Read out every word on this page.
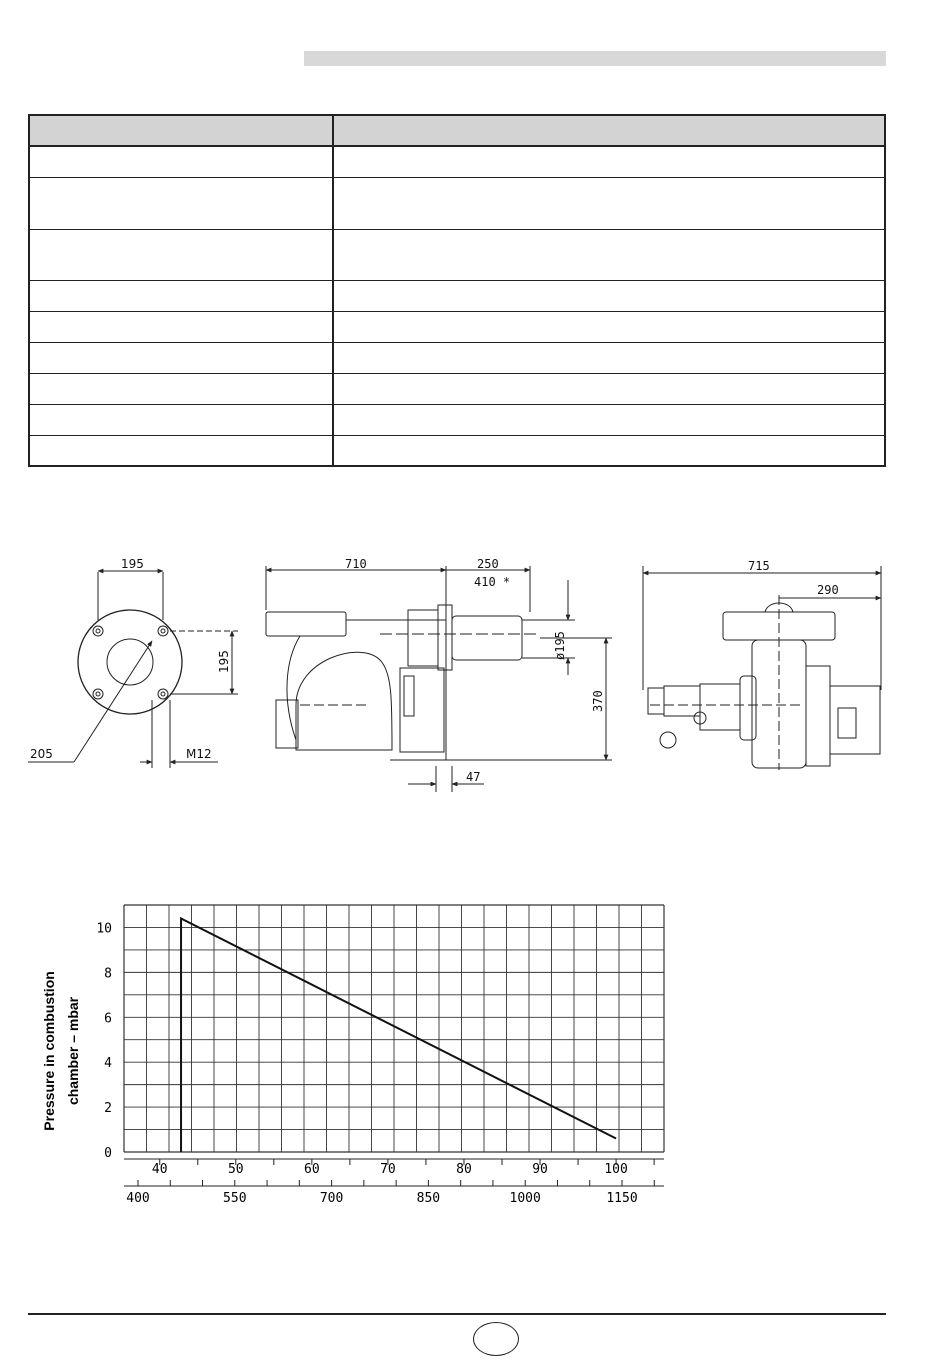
195
195
205	M12
710	250
410 *
ø195
370
47
715
290
Pressure in combustion chamber – mbar
0
2
4
6
8
10
40	50	60	70	80	90	100
400	550	700	850	1000	1150
